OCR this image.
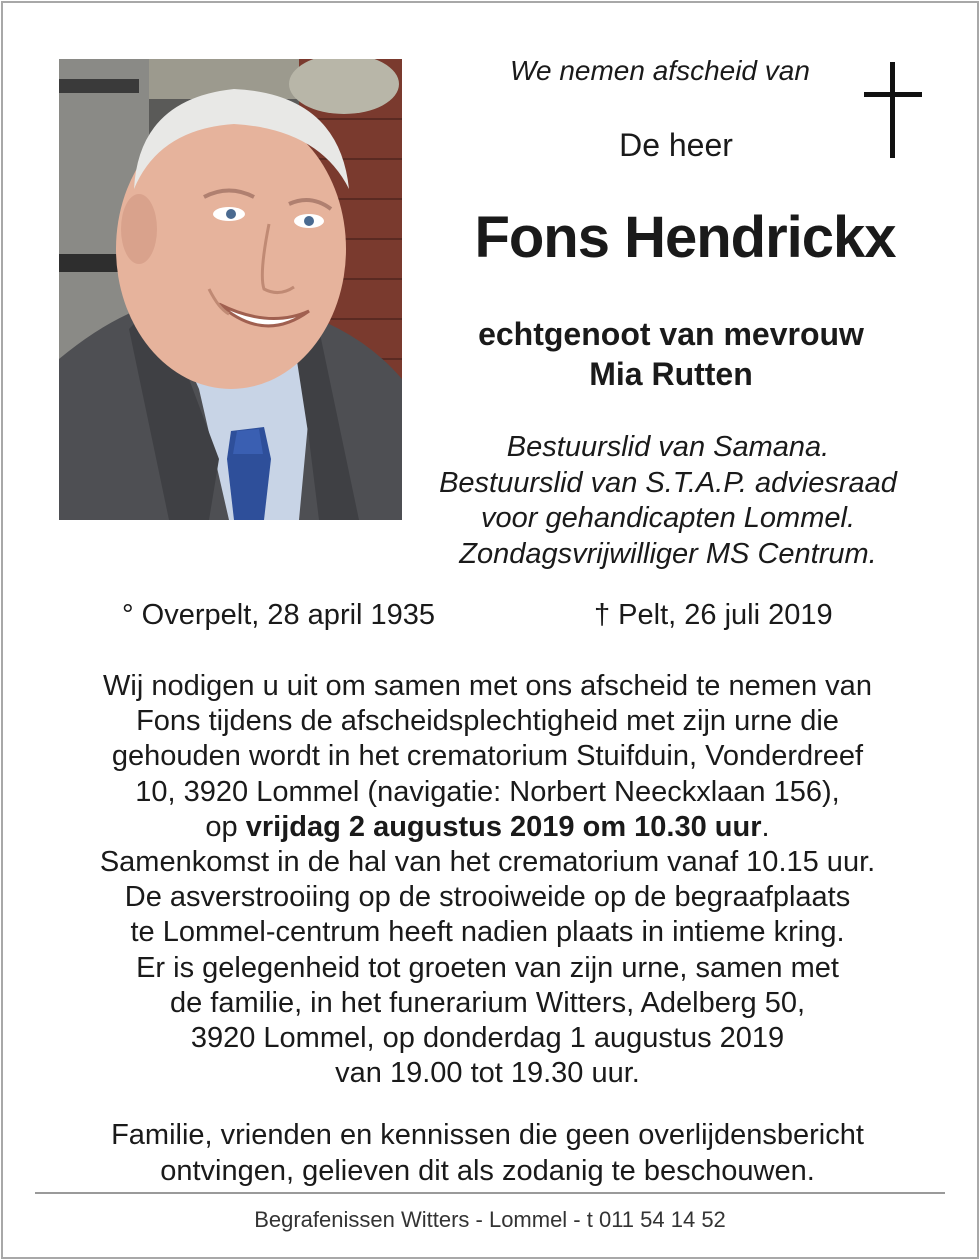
We nemen afscheid van
De heer
Fons Hendrickx
echtgenoot van mevrouw
Mia Rutten
Bestuurslid van Samana.
Bestuurslid van S.T.A.P. adviesraad
voor gehandicapten Lommel.
Zondagsvrijwilliger MS Centrum.
° Overpelt, 28 april 1935	† Pelt, 26 juli 2019
Wij nodigen u uit om samen met ons afscheid te nemen van
Fons tijdens de afscheidsplechtigheid met zijn urne die
gehouden wordt in het crematorium Stuifduin, Vonderdreef
10, 3920 Lommel (navigatie: Norbert Neeckxlaan 156),
op vrijdag 2 augustus 2019 om 10.30 uur.
Samenkomst in de hal van het crematorium vanaf 10.15 uur.
De asverstrooiing op de strooiweide op de begraafplaats
te Lommel-centrum heeft nadien plaats in intieme kring.
Er is gelegenheid tot groeten van zijn urne, samen met
de familie, in het funerarium Witters, Adelberg 50,
3920 Lommel, op donderdag 1 augustus 2019
van 19.00 tot 19.30 uur.
Familie, vrienden en kennissen die geen overlijdensbericht
ontvingen, gelieven dit als zodanig te beschouwen.
Begrafenissen Witters - Lommel - t 011 54 14 52
